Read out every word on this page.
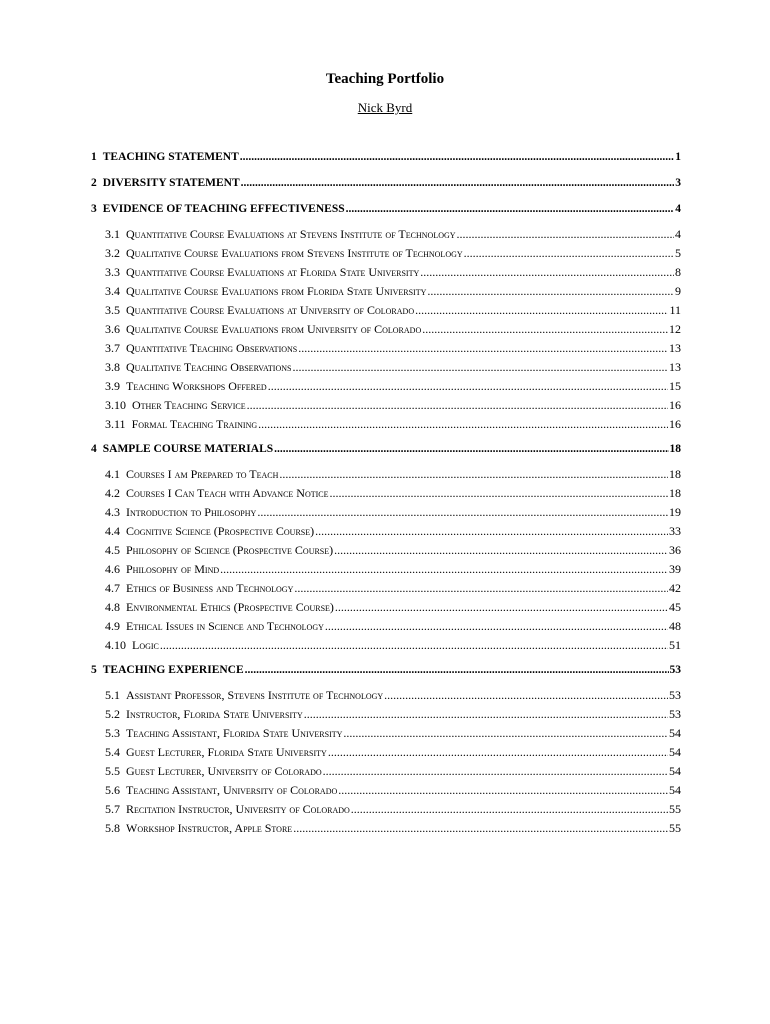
Teaching Portfolio
Nick Byrd
1 TEACHING STATEMENT .....	1
2 DIVERSITY STATEMENT .....	3
3 EVIDENCE OF TEACHING EFFECTIVENESS .....	4
3.1 Quantitative Course Evaluations at Stevens Institute of Technology .....	4
3.2 Qualitative Course Evaluations from Stevens Institute of Technology .....	5
3.3 Quantitative Course Evaluations at Florida State University .....	8
3.4 Qualitative Course Evaluations from Florida State University .....	9
3.5 Quantitative Course Evaluations at University of Colorado .....	11
3.6 Qualitative Course Evaluations from University of Colorado .....	12
3.7 Quantitative Teaching Observations .....	13
3.8 Qualitative Teaching Observations .....	13
3.9 Teaching Workshops Offered .....	15
3.10 Other Teaching Service .....	16
3.11 Formal Teaching Training .....	16
4 SAMPLE COURSE MATERIALS .....	18
4.1 Courses I am Prepared to Teach .....	18
4.2 Courses I Can Teach with Advance Notice .....	18
4.3 Introduction to Philosophy .....	19
4.4 Cognitive Science (Prospective Course) .....	33
4.5 Philosophy of Science (Prospective Course) .....	36
4.6 Philosophy of Mind .....	39
4.7 Ethics of Business and Technology .....	42
4.8 Environmental Ethics (Prospective Course) .....	45
4.9 Ethical Issues in Science and Technology .....	48
4.10 Logic .....	51
5 TEACHING EXPERIENCE .....	53
5.1 Assistant Professor, Stevens Institute of Technology .....	53
5.2 Instructor, Florida State University .....	53
5.3 Teaching Assistant, Florida State University .....	54
5.4 Guest Lecturer, Florida State University .....	54
5.5 Guest Lecturer, University of Colorado .....	54
5.6 Teaching Assistant, University of Colorado .....	54
5.7 Recitation Instructor, University of Colorado .....	55
5.8 Workshop Instructor, Apple Store .....	55
